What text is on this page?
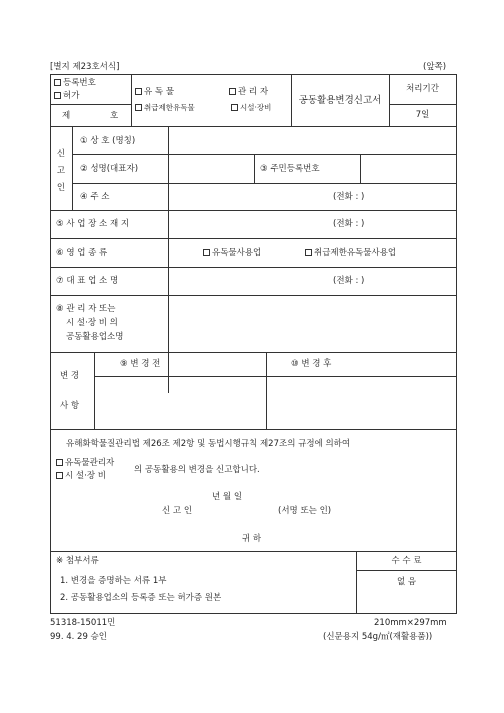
[별지 제23호서식]	(앞쪽)
등록번호
허가
제	호
유 독 물	관 리 자
취급제한유독물	시설·장비
공동활용변경신고서
처리기간
7일
신
고
인
① 상 호 (명칭)
② 성명(대표자)	③ 주민등록번호
④ 주 소	(전화 : )
⑤ 사 업 장 소 재 지	(전화 : )
⑥ 영 업 종 류	유독물사용업	취급제한유독물사용업
⑦ 대 표 업 소 명	(전화 : )
⑧ 관 리 자 또는
시 설·장 비 의
공동활용업소명
변 경
사 항
⑨ 변 경 전	⑩ 변 경 후
유해화학물질관리법 제26조 제2항 및 동법시행규칙 제27조의 규정에 의하여
유독물관리자
시 설·장 비
의 공동활용의 변경을 신고합니다.
년 월 일
신 고 인	(서명 또는 인)
귀 하
※ 첨부서류
1. 변경을 증명하는 서류 1부
2. 공동활용업소의 등록증 또는 허가증 원본
수 수 료
없 음
51318-15011민	210mm×297mm
99. 4. 29 승인	(신문용지 54g/㎡(재활용품))
